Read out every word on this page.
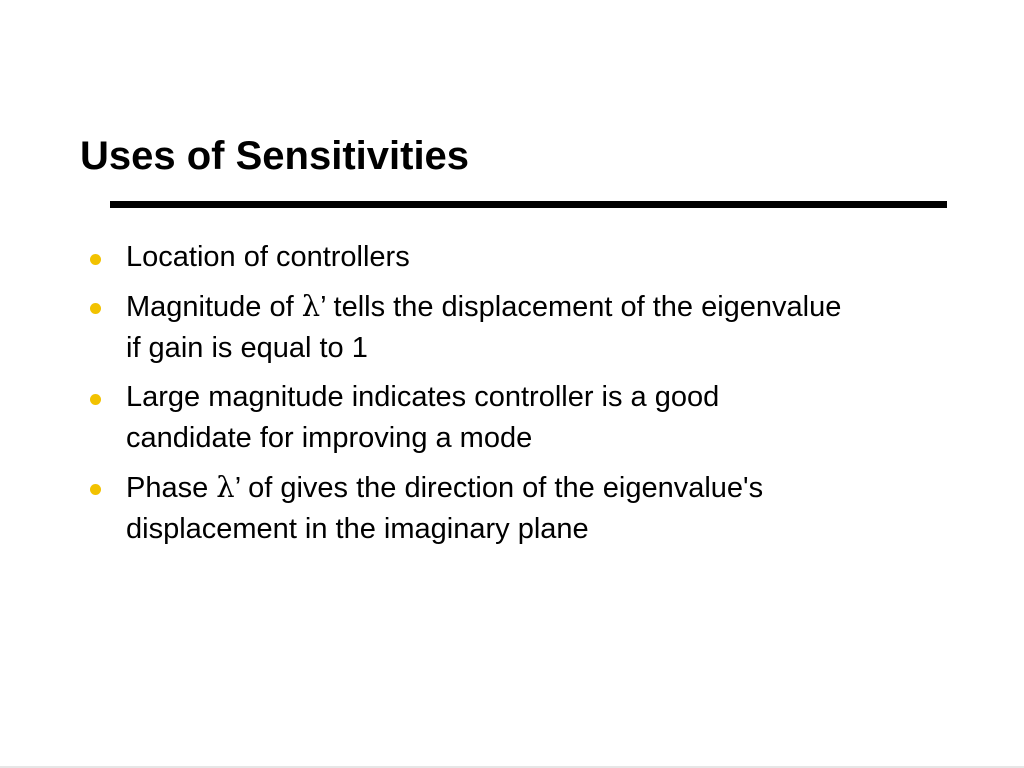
Uses of Sensitivities
Location of controllers
Magnitude of λ’ tells the displacement of the eigenvalue if gain is equal to 1
Large magnitude indicates controller is a good candidate for improving a mode
Phase λ’ of gives the direction of the eigenvalue's displacement in the imaginary plane
